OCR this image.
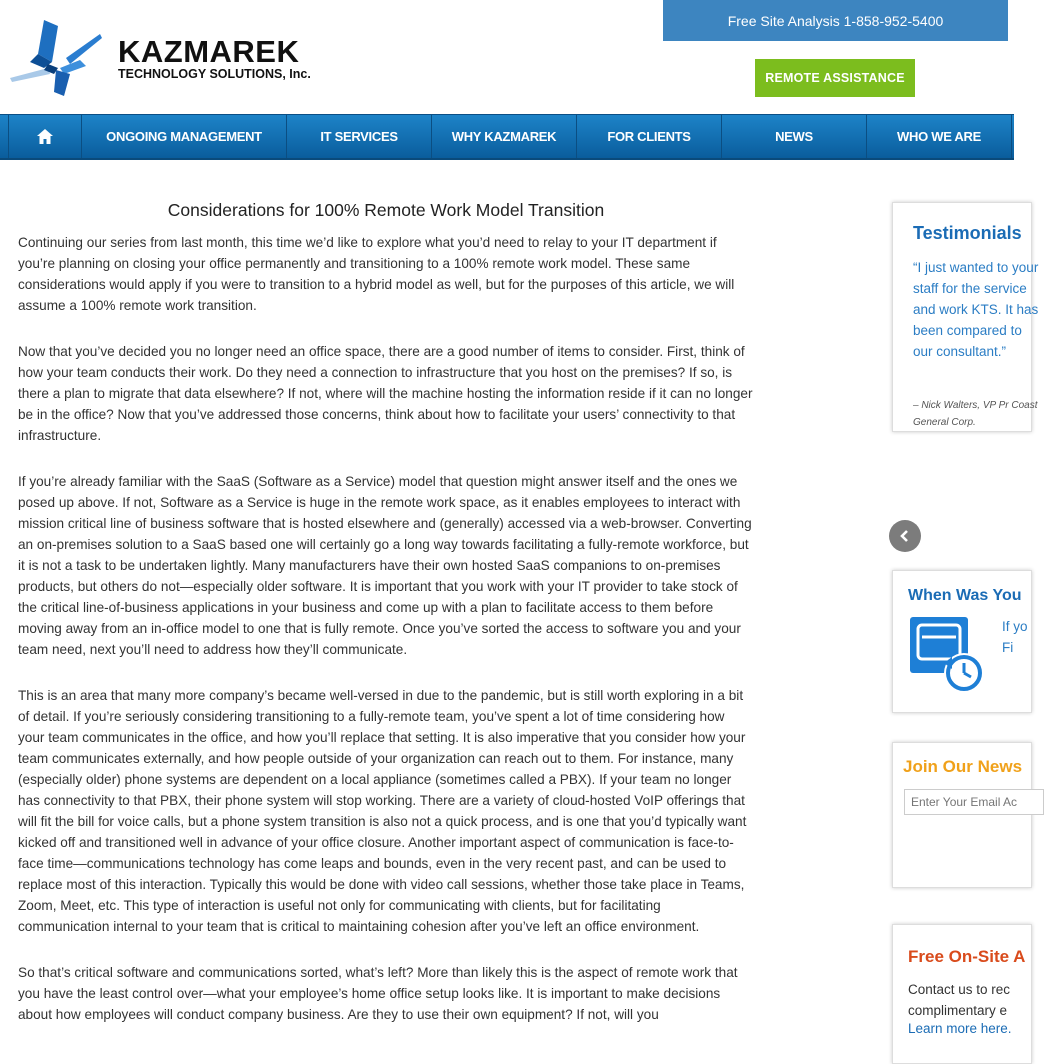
KAZMAREK
TECHNOLOGY SOLUTIONS, Inc.
Free Site Analysis 1-858-952-5400
REMOTE ASSISTANCE
ONGOING MANAGEMENT	IT SERVICES	WHY KAZMAREK	FOR CLIENTS	NEWS	WHO WE ARE
Considerations for 100% Remote Work Model Transition

Continuing our series from last month, this time we’d like to explore what you’d need to relay to your IT department if you’re planning on closing your office permanently and transitioning to a 100% remote work model. These same considerations would apply if you were to transition to a hybrid model as well, but for the purposes of this article, we will assume a 100% remote work transition.

Now that you’ve decided you no longer need an office space, there are a good number of items to consider. First, think of how your team conducts their work. Do they need a connection to infrastructure that you host on the premises? If so, is there a plan to migrate that data elsewhere? If not, where will the machine hosting the information reside if it can no longer be in the office? Now that you’ve addressed those concerns, think about how to facilitate your users’ connectivity to that infrastructure.

If you’re already familiar with the SaaS (Software as a Service) model that question might answer itself and the ones we posed up above. If not, Software as a Service is huge in the remote work space, as it enables employees to interact with mission critical line of business software that is hosted elsewhere and (generally) accessed via a web-browser. Converting an on-premises solution to a SaaS based one will certainly go a long way towards facilitating a fully-remote workforce, but it is not a task to be undertaken lightly. Many manufacturers have their own hosted SaaS companions to on-premises products, but others do not—especially older software. It is important that you work with your IT provider to take stock of the critical line-of-business applications in your business and come up with a plan to facilitate access to them before moving away from an in-office model to one that is fully remote. Once you’ve sorted the access to software you and your team need, next you’ll need to address how they’ll communicate.

This is an area that many more company’s became well-versed in due to the pandemic, but is still worth exploring in a bit of detail. If you’re seriously considering transitioning to a fully-remote team, you’ve spent a lot of time considering how your team communicates in the office, and how you’ll replace that setting. It is also imperative that you consider how your team communicates externally, and how people outside of your organization can reach out to them. For instance, many (especially older) phone systems are dependent on a local appliance (sometimes called a PBX). If your team no longer has connectivity to that PBX, their phone system will stop working. There are a variety of cloud-hosted VoIP offerings that will fit the bill for voice calls, but a phone system transition is also not a quick process, and is one that you’d typically want kicked off and transitioned well in advance of your office closure. Another important aspect of communication is face-to-face time—communications technology has come leaps and bounds, even in the very recent past, and can be used to replace most of this interaction. Typically this would be done with video call sessions, whether those take place in Teams, Zoom, Meet, etc. This type of interaction is useful not only for communicating with clients, but for facilitating communication internal to your team that is critical to maintaining cohesion after you’ve left an office environment.

So that’s critical software and communications sorted, what’s left? More than likely this is the aspect of remote work that you have the least control over—what your employee’s home office setup looks like. It is important to make decisions about how employees will conduct company business. Are they to use their own equipment? If not, will you

Testimonials
“I just wanted to your staff for the service and work KTS. It has been compared to our consultant.”
– Nick Walters, VP Pr Coast General Corp.
When Was You
If yo Fi
Join Our News
Enter Your Email Ac
Free On-Site A
Contact us to rec
complimentary e
Learn more here.
